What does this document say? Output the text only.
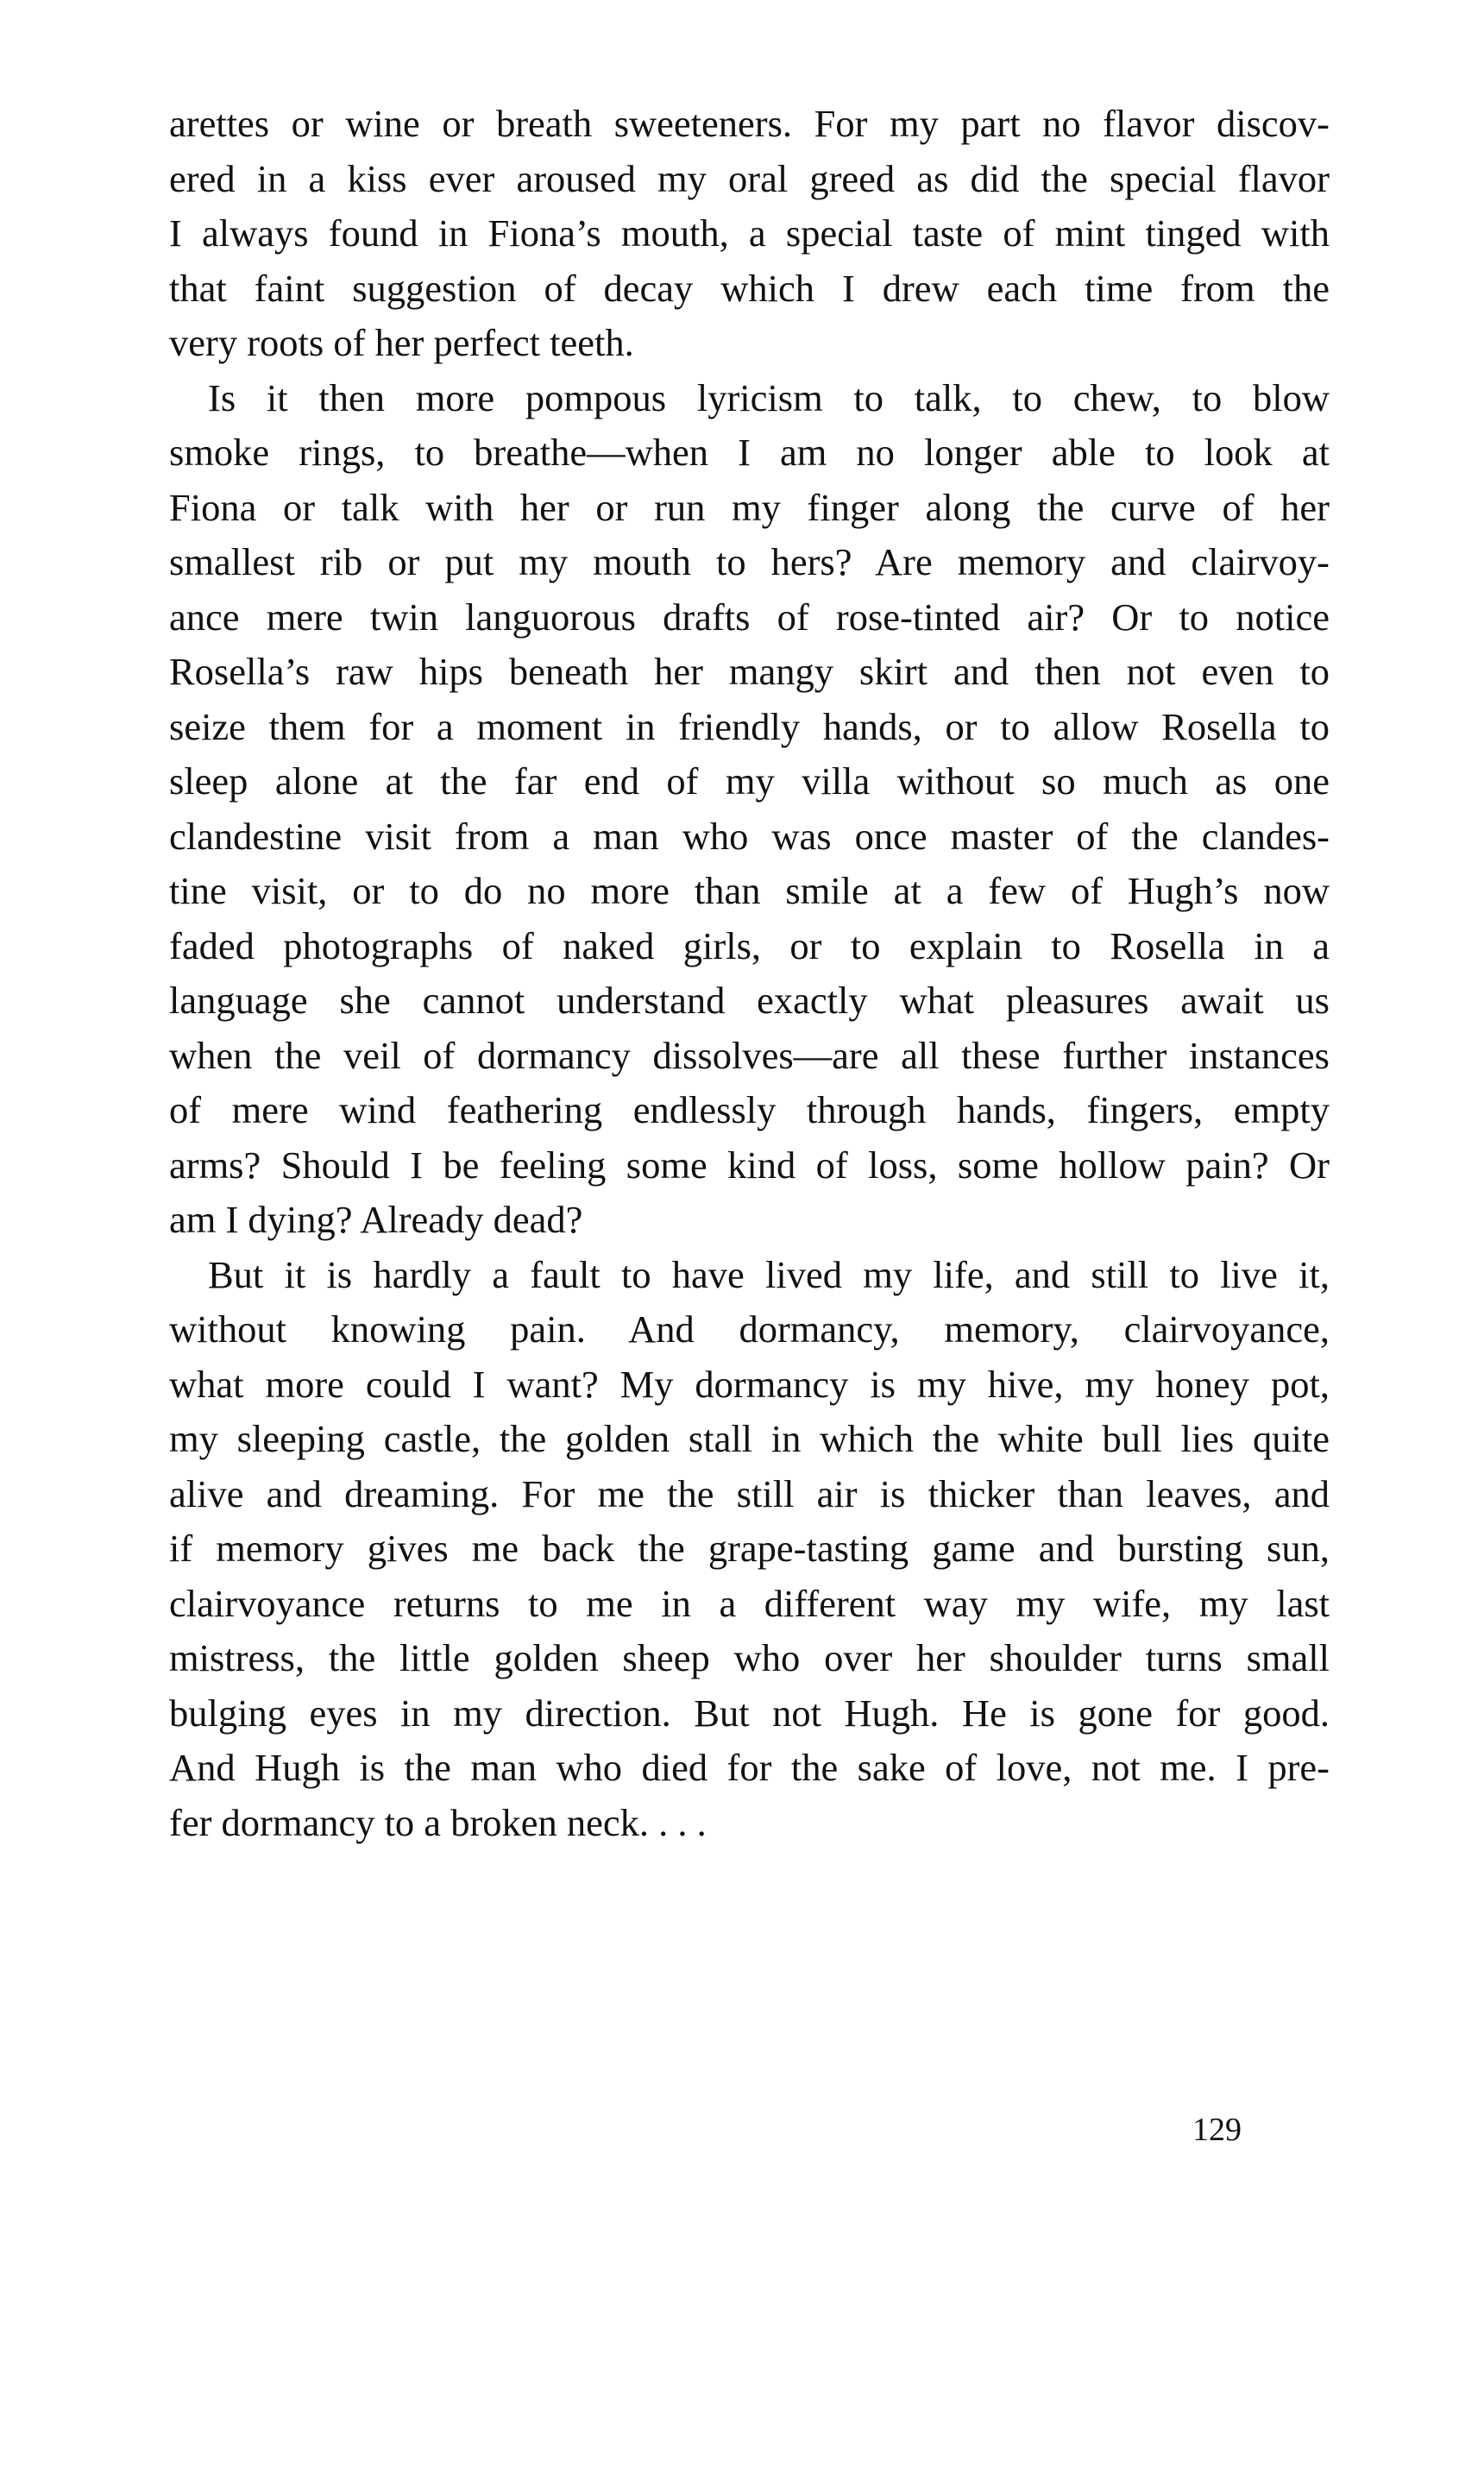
arettes or wine or breath sweeteners. For my part no flavor discov-
ered in a kiss ever aroused my oral greed as did the special flavor
I always found in Fiona’s mouth, a special taste of mint tinged with
that faint suggestion of decay which I drew each time from the
very roots of her perfect teeth.
Is it then more pompous lyricism to talk, to chew, to blow
smoke rings, to breathe—when I am no longer able to look at
Fiona or talk with her or run my finger along the curve of her
smallest rib or put my mouth to hers? Are memory and clairvoy-
ance mere twin languorous drafts of rose-tinted air? Or to notice
Rosella’s raw hips beneath her mangy skirt and then not even to
seize them for a moment in friendly hands, or to allow Rosella to
sleep alone at the far end of my villa without so much as one
clandestine visit from a man who was once master of the clandes-
tine visit, or to do no more than smile at a few of Hugh’s now
faded photographs of naked girls, or to explain to Rosella in a
language she cannot understand exactly what pleasures await us
when the veil of dormancy dissolves—are all these further instances
of mere wind feathering endlessly through hands, fingers, empty
arms? Should I be feeling some kind of loss, some hollow pain? Or
am I dying? Already dead?
But it is hardly a fault to have lived my life, and still to live it,
without knowing pain. And dormancy, memory, clairvoyance,
what more could I want? My dormancy is my hive, my honey pot,
my sleeping castle, the golden stall in which the white bull lies quite
alive and dreaming. For me the still air is thicker than leaves, and
if memory gives me back the grape-tasting game and bursting sun,
clairvoyance returns to me in a different way my wife, my last
mistress, the little golden sheep who over her shoulder turns small
bulging eyes in my direction. But not Hugh. He is gone for good.
And Hugh is the man who died for the sake of love, not me. I pre-
fer dormancy to a broken neck. . . .
129
